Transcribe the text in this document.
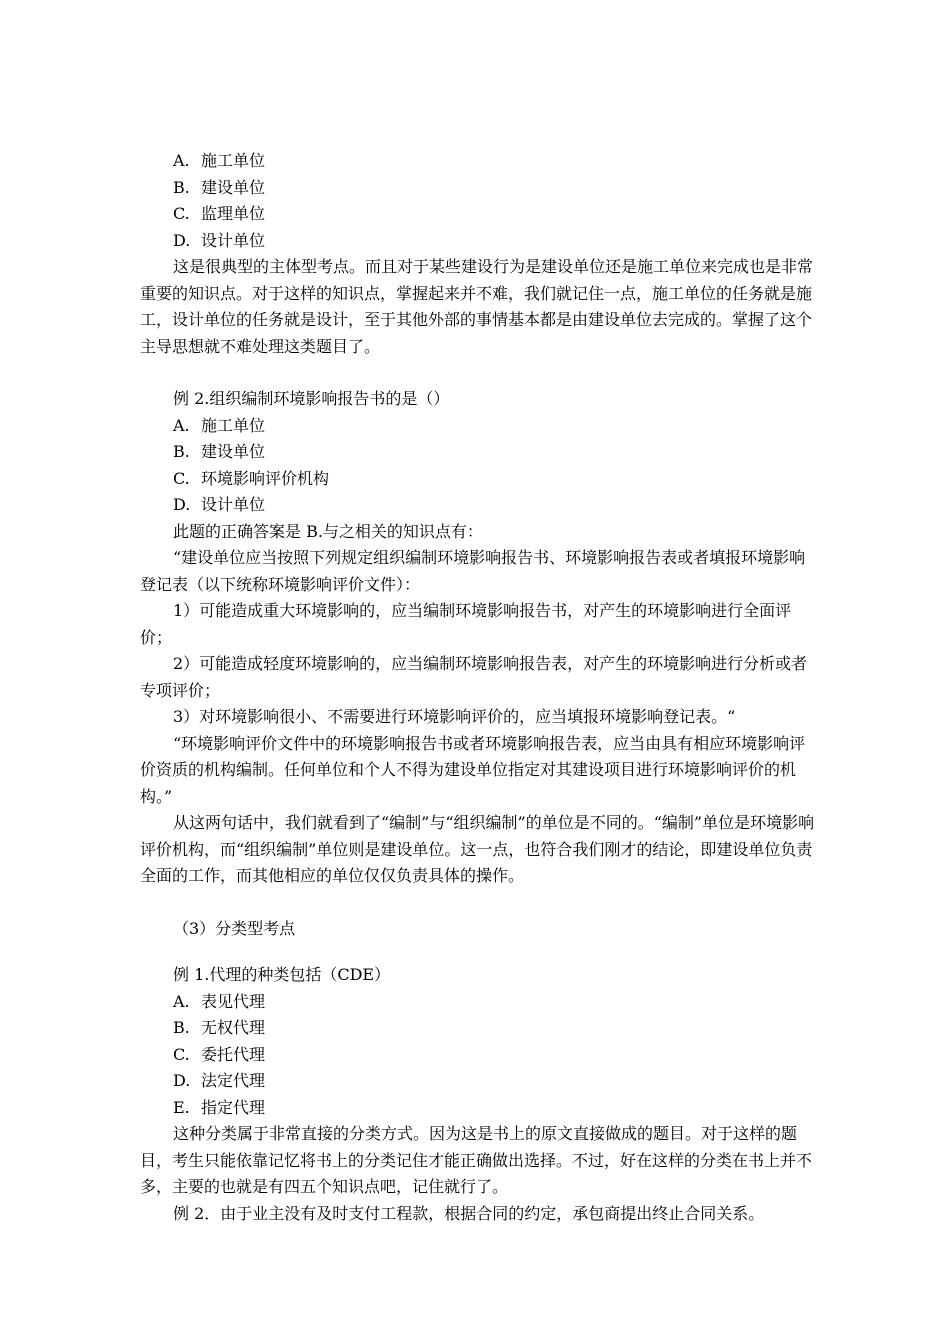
A. 施工单位
B. 建设单位
C. 监理单位
D. 设计单位

这是很典型的主体型考点。而且对于某些建设行为是建设单位还是施工单位来完成也是非常重要的知识点。对于这样的知识点，掌握起来并不难，我们就记住一点，施工单位的任务就是施工，设计单位的任务就是设计，至于其他外部的事情基本都是由建设单位去完成的。掌握了这个主导思想就不难处理这类题目了。

例 2.组织编制环境影响报告书的是（）

A. 施工单位
B. 建设单位
C. 环境影响评价机构
D. 设计单位

此题的正确答案是 B.与之相关的知识点有：

“建设单位应当按照下列规定组织编制环境影响报告书、环境影响报告表或者填报环境影响登记表（以下统称环境影响评价文件）：

1）可能造成重大环境影响的，应当编制环境影响报告书，对产生的环境影响进行全面评价；

2）可能造成轻度环境影响的，应当编制环境影响报告表，对产生的环境影响进行分析或者专项评价；

3）对环境影响很小、不需要进行环境影响评价的，应当填报环境影响登记表。“

“环境影响评价文件中的环境影响报告书或者环境影响报告表，应当由具有相应环境影响评价资质的机构编制。任何单位和个人不得为建设单位指定对其建设项目进行环境影响评价的机构。”

从这两句话中，我们就看到了“编制”与“组织编制”的单位是不同的。“编制”单位是环境影响评价机构，而“组织编制”单位则是建设单位。这一点，也符合我们刚才的结论，即建设单位负责全面的工作，而其他相应的单位仅仅负责具体的操作。

（3）分类型考点

例 1.代理的种类包括（CDE）

A. 表见代理
B. 无权代理
C. 委托代理
D. 法定代理
E. 指定代理

这种分类属于非常直接的分类方式。因为这是书上的原文直接做成的题目。对于这样的题目，考生只能依靠记忆将书上的分类记住才能正确做出选择。不过，好在这样的分类在书上并不多，主要的也就是有四五个知识点吧，记住就行了。

例 2．由于业主没有及时支付工程款，根据合同的约定，承包商提出终止合同关系。
